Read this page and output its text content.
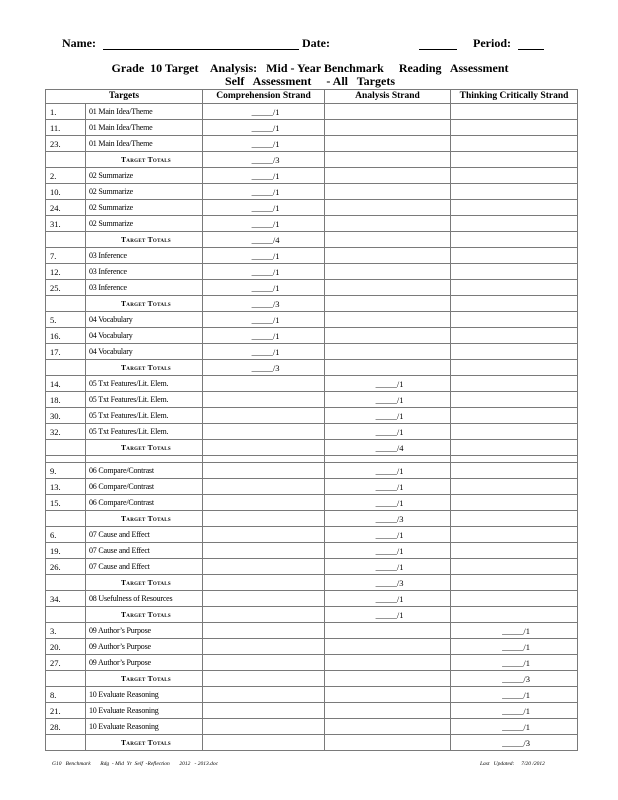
Name:	Date:	Period:
Grade  10 Target    Analysis:   Mid - Year Benchmark     Reading   Assessment
Self   Assessment     - All   Targets
Targets		Comprehension Strand	Analysis Strand	Thinking Critically Strand
1.	01 Main Idea/Theme	_____/1		
11.	01 Main Idea/Theme	_____/1		
23.	01 Main Idea/Theme	_____/1		
	Target Totals	_____/3		
2.	02 Summarize	_____/1		
10.	02 Summarize	_____/1		
24.	02 Summarize	_____/1		
31.	02 Summarize	_____/1		
	Target Totals	_____/4		
7.	03 Inference	_____/1		
12.	03 Inference	_____/1		
25.	03 Inference	_____/1		
	Target Totals	_____/3		
5.	04 Vocabulary	_____/1		
16.	04 Vocabulary	_____/1		
17.	04 Vocabulary	_____/1		
	Target Totals	_____/3		
14.	05 Txt Features/Lit. Elem.		_____/1	
18.	05 Txt Features/Lit. Elem.		_____/1	
30.	05 Txt Features/Lit. Elem.		_____/1	
32.	05 Txt Features/Lit. Elem.		_____/1	
	Target Totals		_____/4	

9.	06 Compare/Contrast		_____/1	
13.	06 Compare/Contrast		_____/1	
15.	06 Compare/Contrast		_____/1	
	Target Totals		_____/3	
6.	07 Cause and Effect		_____/1	
19.	07 Cause and Effect		_____/1	
26.	07 Cause and Effect		_____/1	
	Target Totals		_____/3	
34.	08 Usefulness of Resources		_____/1	
	Target Totals		_____/1	
3.	09 Author’s Purpose			_____/1
20.	09 Author’s Purpose			_____/1
27.	09 Author’s Purpose			_____/1
	Target Totals			_____/3
8.	10 Evaluate Reasoning			_____/1
21.	10 Evaluate Reasoning			_____/1
28.	10 Evaluate Reasoning			_____/1
	Target Totals			_____/3
G10   Benchmark       Rdg  - Mid  Yr  Self  -Reflection       2012   - 2013.doc	Last   Updated:     7/20 /2012
